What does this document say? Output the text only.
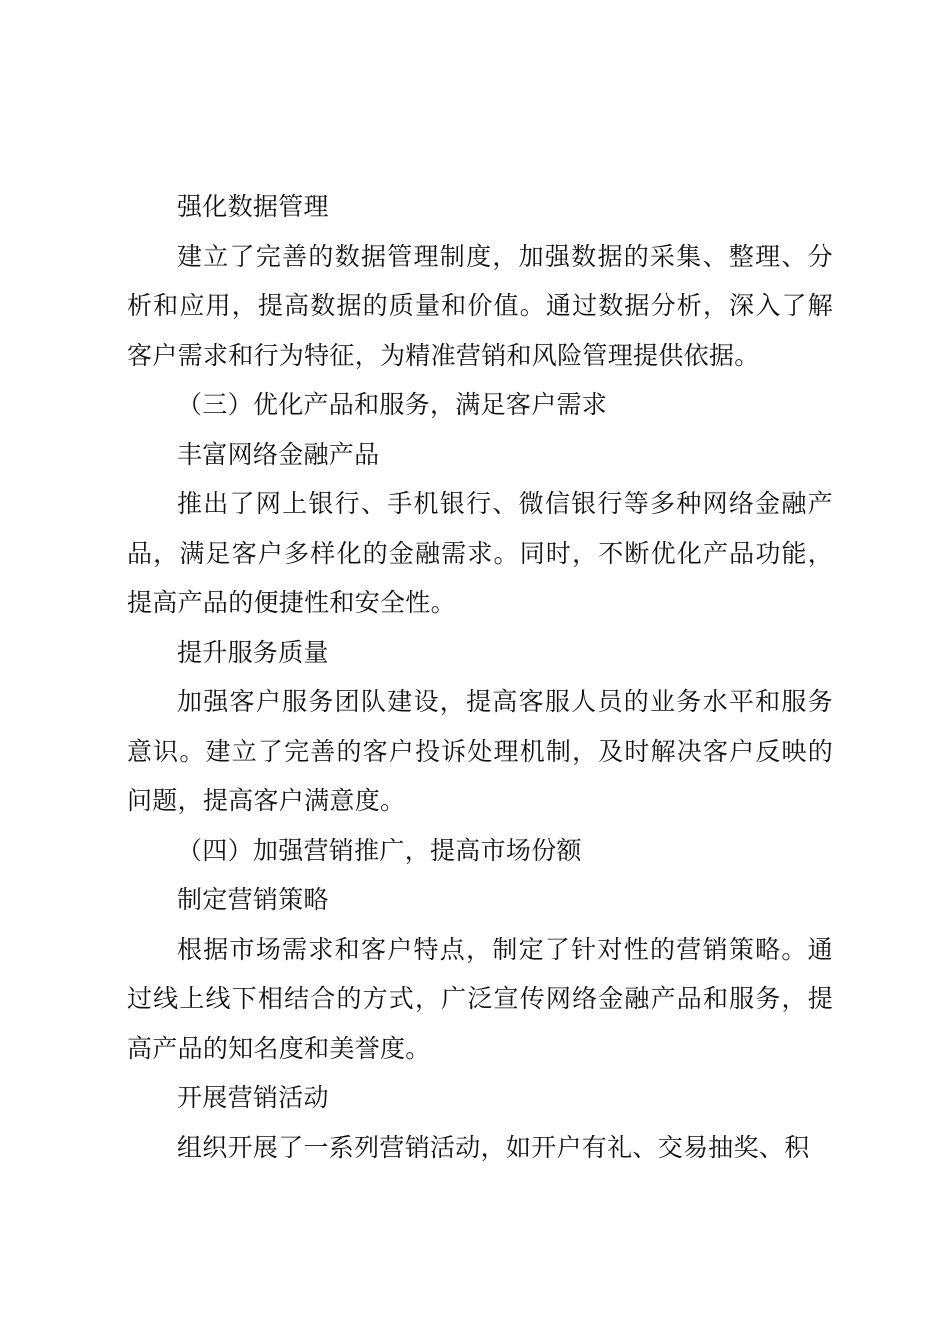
强化数据管理

建立了完善的数据管理制度，加强数据的采集、整理、分析和应用，提高数据的质量和价值。通过数据分析，深入了解客户需求和行为特征，为精准营销和风险管理提供依据。

（三）优化产品和服务，满足客户需求

丰富网络金融产品

推出了网上银行、手机银行、微信银行等多种网络金融产品，满足客户多样化的金融需求。同时，不断优化产品功能，提高产品的便捷性和安全性。

提升服务质量

加强客户服务团队建设，提高客服人员的业务水平和服务意识。建立了完善的客户投诉处理机制，及时解决客户反映的问题，提高客户满意度。

（四）加强营销推广，提高市场份额

制定营销策略

根据市场需求和客户特点，制定了针对性的营销策略。通过线上线下相结合的方式，广泛宣传网络金融产品和服务，提高产品的知名度和美誉度。

开展营销活动

组织开展了一系列营销活动，如开户有礼、交易抽奖、积
